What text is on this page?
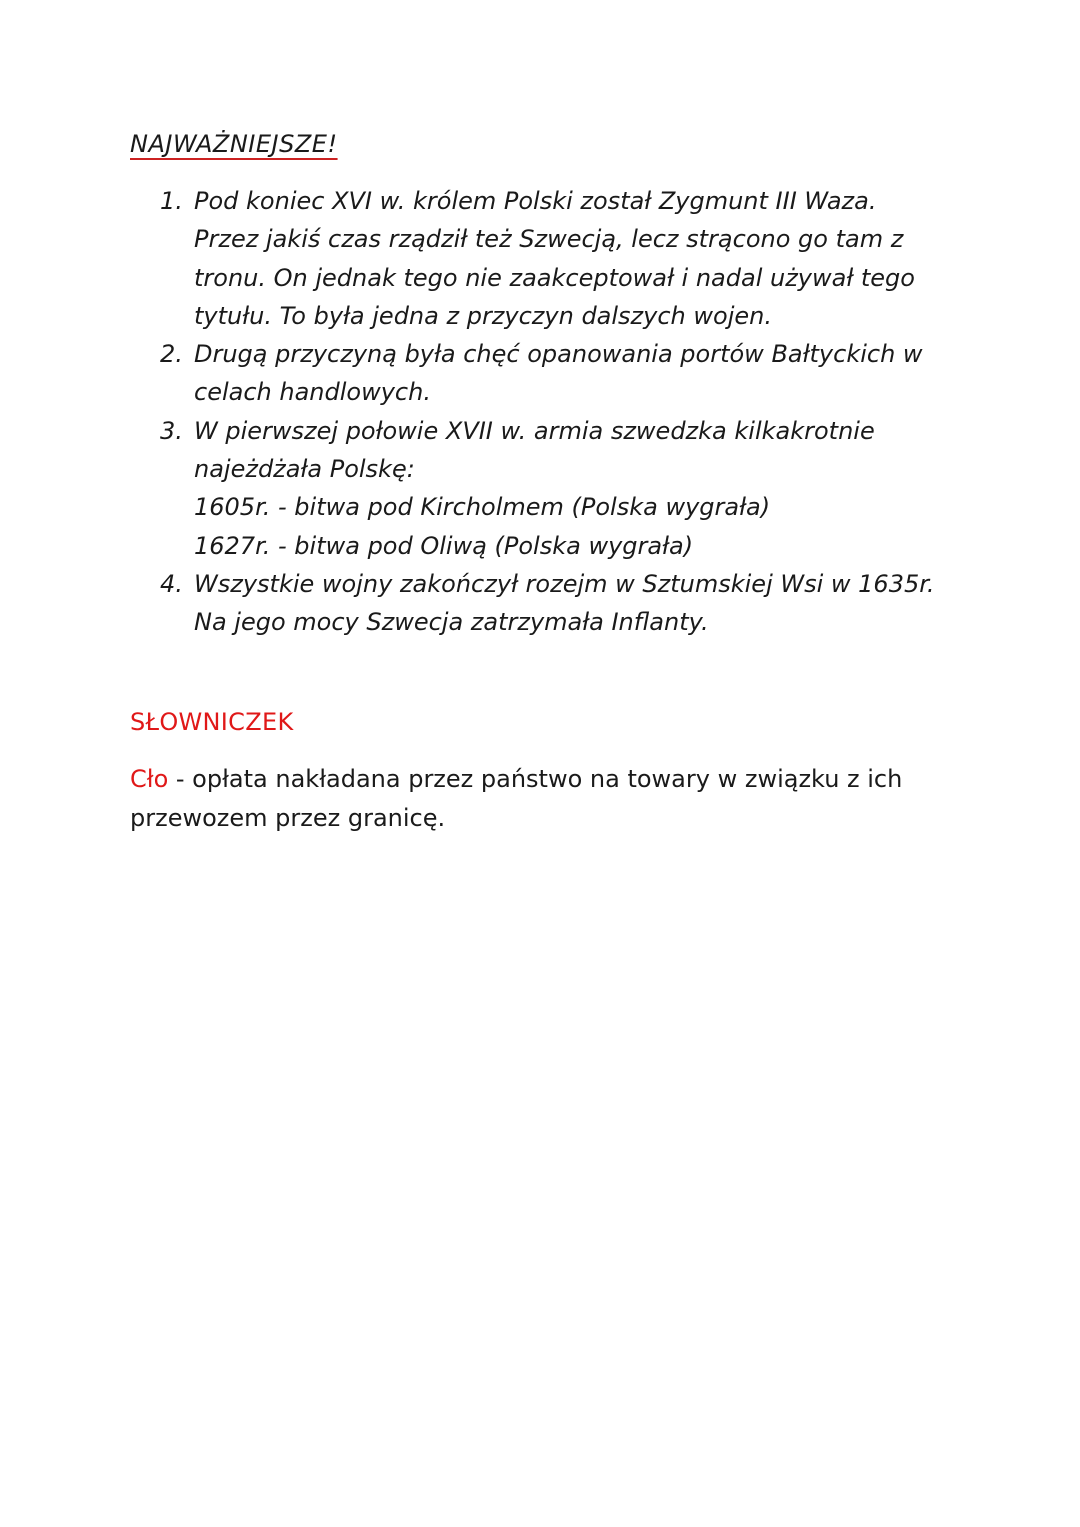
NAJWAŻNIEJSZE!
1. Pod koniec XVI w. królem Polski został Zygmunt III Waza.
Przez jakiś czas rządził też Szwecją, lecz strącono go tam z
tronu. On jednak tego nie zaakceptował i nadal używał tego
tytułu. To była jedna z przyczyn dalszych wojen.
2. Drugą przyczyną była chęć opanowania portów Bałtyckich w
celach handlowych.
3. W pierwszej połowie XVII w. armia szwedzka kilkakrotnie
najeżdżała Polskę:
1605r. - bitwa pod Kircholmem (Polska wygrała)
1627r. - bitwa pod Oliwą (Polska wygrała)
4. Wszystkie wojny zakończył rozejm w Sztumskiej Wsi w 1635r.
Na jego mocy Szwecja zatrzymała Inflanty.
SŁOWNICZEK
Cło - opłata nakładana przez państwo na towary w związku z ich
przewozem przez granicę.
